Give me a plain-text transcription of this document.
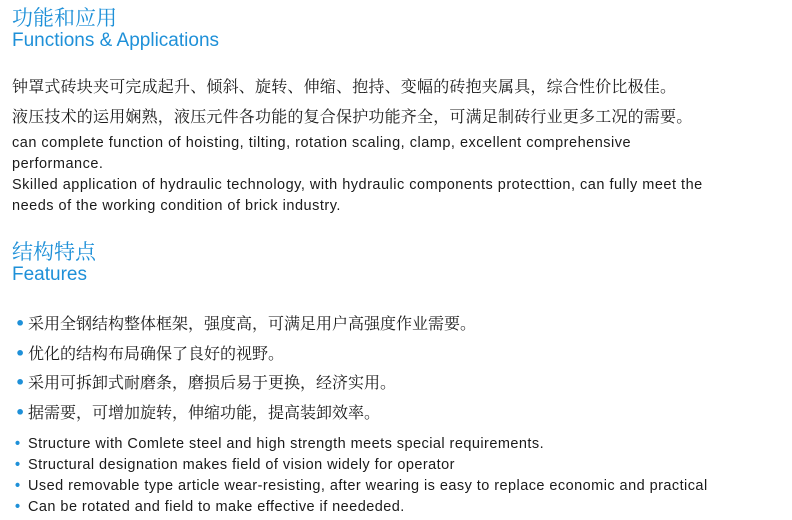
功能和应用
Functions & Applications

钟罩式砖块夹可完成起升、倾斜、旋转、伸缩、抱持、变幅的砖抱夹属具，综合性价比极佳。

液压技术的运用娴熟，液压元件各功能的复合保护功能齐全，可满足制砖行业更多工况的需要。

can complete function of hoisting, tilting, rotation scaling, clamp, excellent comprehensive performance.

Skilled application of hydraulic technology, with hydraulic components protecttion, can fully meet the needs of the working condition of brick industry.

结构特点
Features
• 采用全钢结构整体框架，强度高，可满足用户高强度作业需要。
• 优化的结构布局确保了良好的视野。
• 采用可拆卸式耐磨条，磨损后易于更换，经济实用。
• 据需要，可增加旋转，伸缩功能，提高装卸效率。
• Structure with Comlete steel and high strength meets special requirements.
• Structural designation makes field of vision widely for operator
• Used removable type article wear-resisting, after wearing is easy to replace economic and practical
• Can be rotated and field to make effective if neededed.
